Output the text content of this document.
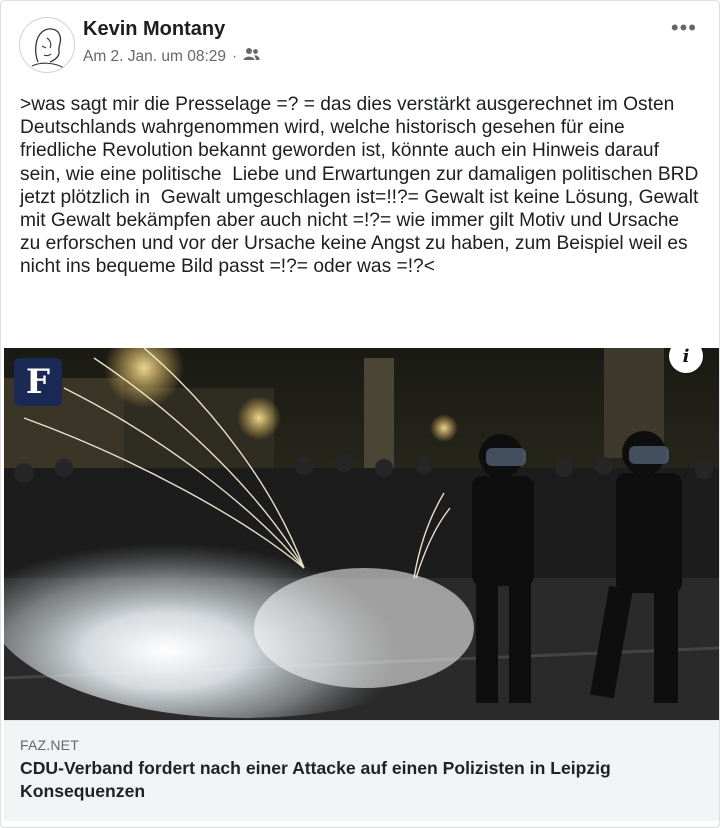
Kevin Montany
Am 2. Jan. um 08:29 ·
•••
>was sagt mir die Presselage =? = das dies verstärkt ausgerechnet im Osten Deutschlands wahrgenommen wird, welche historisch gesehen für eine friedliche Revolution bekannt geworden ist, könnte auch ein Hinweis darauf sein, wie eine politische  Liebe und Erwartungen zur damaligen politischen BRD jetzt plötzlich in  Gewalt umgeschlagen ist=!!?= Gewalt ist keine Lösung, Gewalt mit Gewalt bekämpfen aber auch nicht =!?= wie immer gilt Motiv und Ursache zu erforschen und vor der Ursache keine Angst zu haben, zum Beispiel weil es nicht ins bequeme Bild passt =!?= oder was =!?<
F
i
FAZ.NET
CDU-Verband fordert nach einer Attacke auf einen Polizisten in Leipzig Konsequenzen
